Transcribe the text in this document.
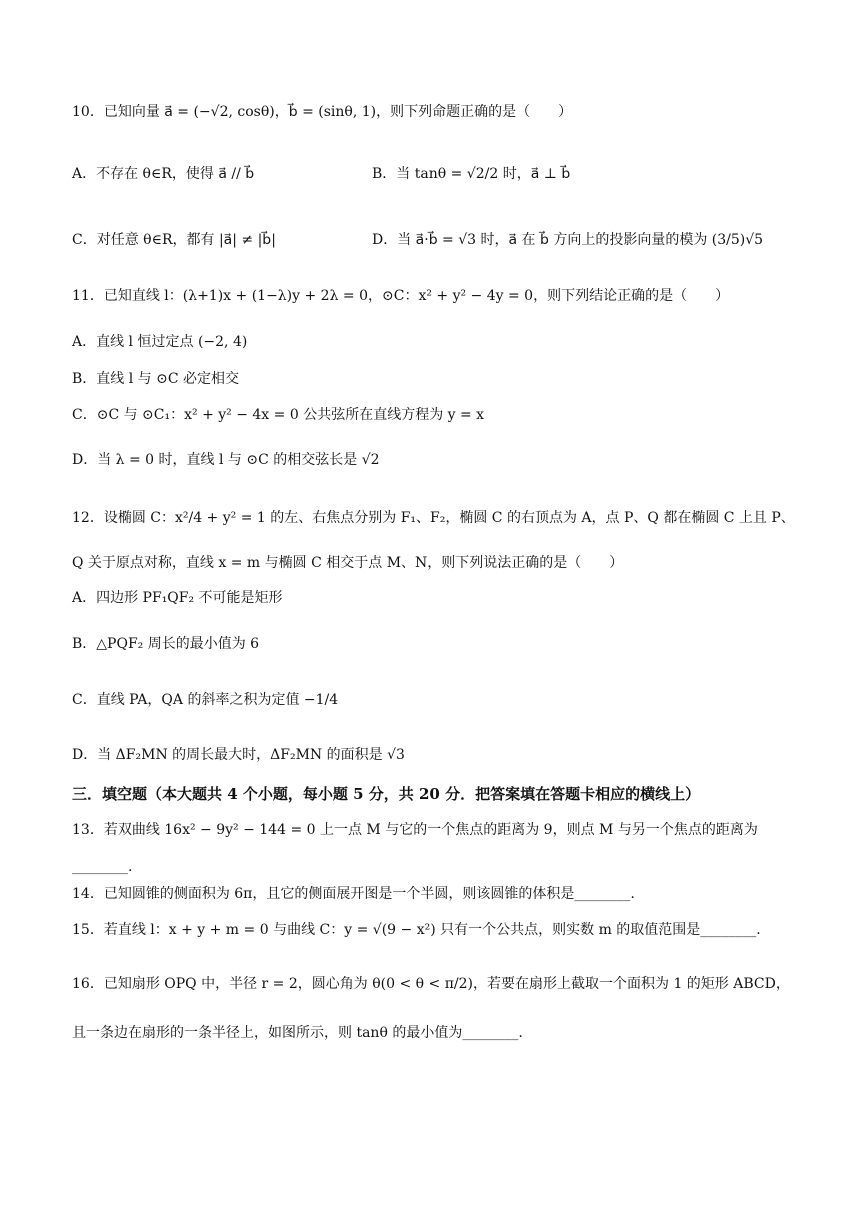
10．已知向量 a⃗ = (−√2, cosθ)，b⃗ = (sinθ, 1)，则下列命题正确的是（　　）
A．不存在 θ∈R，使得 a⃗ // b⃗	B．当 tanθ = √2/2 时，a⃗ ⊥ b⃗
C．对任意 θ∈R，都有 |a⃗| ≠ |b⃗|	D．当 a⃗·b⃗ = √3 时，a⃗ 在 b⃗ 方向上的投影向量的模为 (3/5)√5
11．已知直线 l：(λ+1)x + (1−λ)y + 2λ = 0，⊙C：x² + y² − 4y = 0，则下列结论正确的是（　　）
A．直线 l 恒过定点 (−2, 4)
B．直线 l 与 ⊙C 必定相交
C．⊙C 与 ⊙C₁：x² + y² − 4x = 0 公共弦所在直线方程为 y = x
D．当 λ = 0 时，直线 l 与 ⊙C 的相交弦长是 √2
12．设椭圆 C：x²/4 + y² = 1 的左、右焦点分别为 F₁、F₂，椭圆 C 的右顶点为 A，点 P、Q 都在椭圆 C 上且 P、
Q 关于原点对称，直线 x = m 与椭圆 C 相交于点 M、N，则下列说法正确的是（　　）
A．四边形 PF₁QF₂ 不可能是矩形
B．△PQF₂ 周长的最小值为 6
C．直线 PA，QA 的斜率之积为定值 −1/4
D．当 ΔF₂MN 的周长最大时，ΔF₂MN 的面积是 √3
三．填空题（本大题共 4 个小题，每小题 5 分，共 20 分．把答案填在答题卡相应的横线上）
13．若双曲线 16x² − 9y² − 144 = 0 上一点 M 与它的一个焦点的距离为 9，则点 M 与另一个焦点的距离为
________.
14．已知圆锥的侧面积为 6π，且它的侧面展开图是一个半圆，则该圆锥的体积是________.
15．若直线 l：x + y + m = 0 与曲线 C：y = √(9 − x²) 只有一个公共点，则实数 m 的取值范围是________.
16．已知扇形 OPQ 中，半径 r = 2，圆心角为 θ(0 < θ < π/2)，若要在扇形上截取一个面积为 1 的矩形 ABCD，
且一条边在扇形的一条半径上，如图所示，则 tanθ 的最小值为________.
